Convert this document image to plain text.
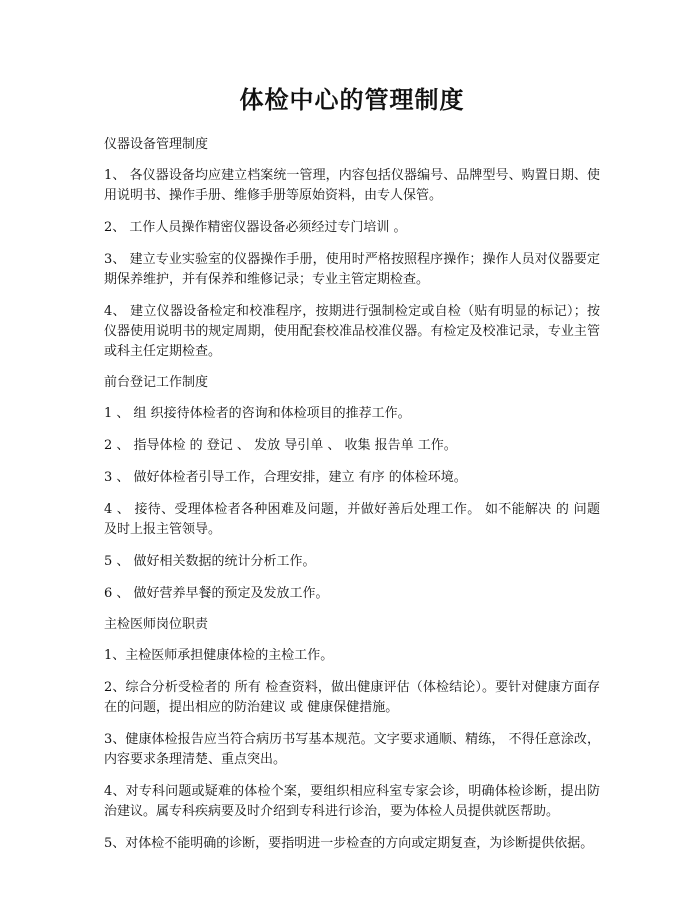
体检中心的管理制度

仪器设备管理制度

1、 各仪器设备均应建立档案统一管理，内容包括仪器编号、品牌型号、购置日期、使用说明书、操作手册、维修手册等原始资料，由专人保管。

2、 工作人员操作精密仪器设备必须经过专门培训 。

3、 建立专业实验室的仪器操作手册，使用时严格按照程序操作；操作人员对仪器要定期保养维护，并有保养和维修记录；专业主管定期检查。

4、 建立仪器设备检定和校准程序，按期进行强制检定或自检（贴有明显的标记）；按仪器使用说明书的规定周期，使用配套校准品校准仪器。有检定及校准记录，专业主管或科主任定期检查。

前台登记工作制度

1 、 组 织接待体检者的咨询和体检项目的推荐工作。

2 、 指导体检 的 登记 、 发放 导引单 、 收集 报告单 工作。

3 、 做好体检者引导工作，合理安排，建立 有序 的体检环境。

4 、 接待、受理体检者各种困难及问题，并做好善后处理工作。 如不能解决 的 问题 及时上报主管领导。

5 、 做好相关数据的统计分析工作。

6 、 做好营养早餐的预定及发放工作。

主检医师岗位职责

1、主检医师承担健康体检的主检工作。

2、综合分析受检者的 所有 检查资料，做出健康评估（体检结论）。要针对健康方面存在的问题，提出相应的防治建议 或 健康保健措施。

3、健康体检报告应当符合病历书写基本规范。文字要求通顺、精练， 不得任意涂改， 内容要求条理清楚、重点突出。

4、对专科问题或疑难的体检个案，要组织相应科室专家会诊，明确体检诊断，提出防治建议。属专科疾病要及时介绍到专科进行诊治，要为体检人员提供就医帮助。

5、对体检不能明确的诊断，要指明进一步检查的方向或定期复查，为诊断提供依据。
